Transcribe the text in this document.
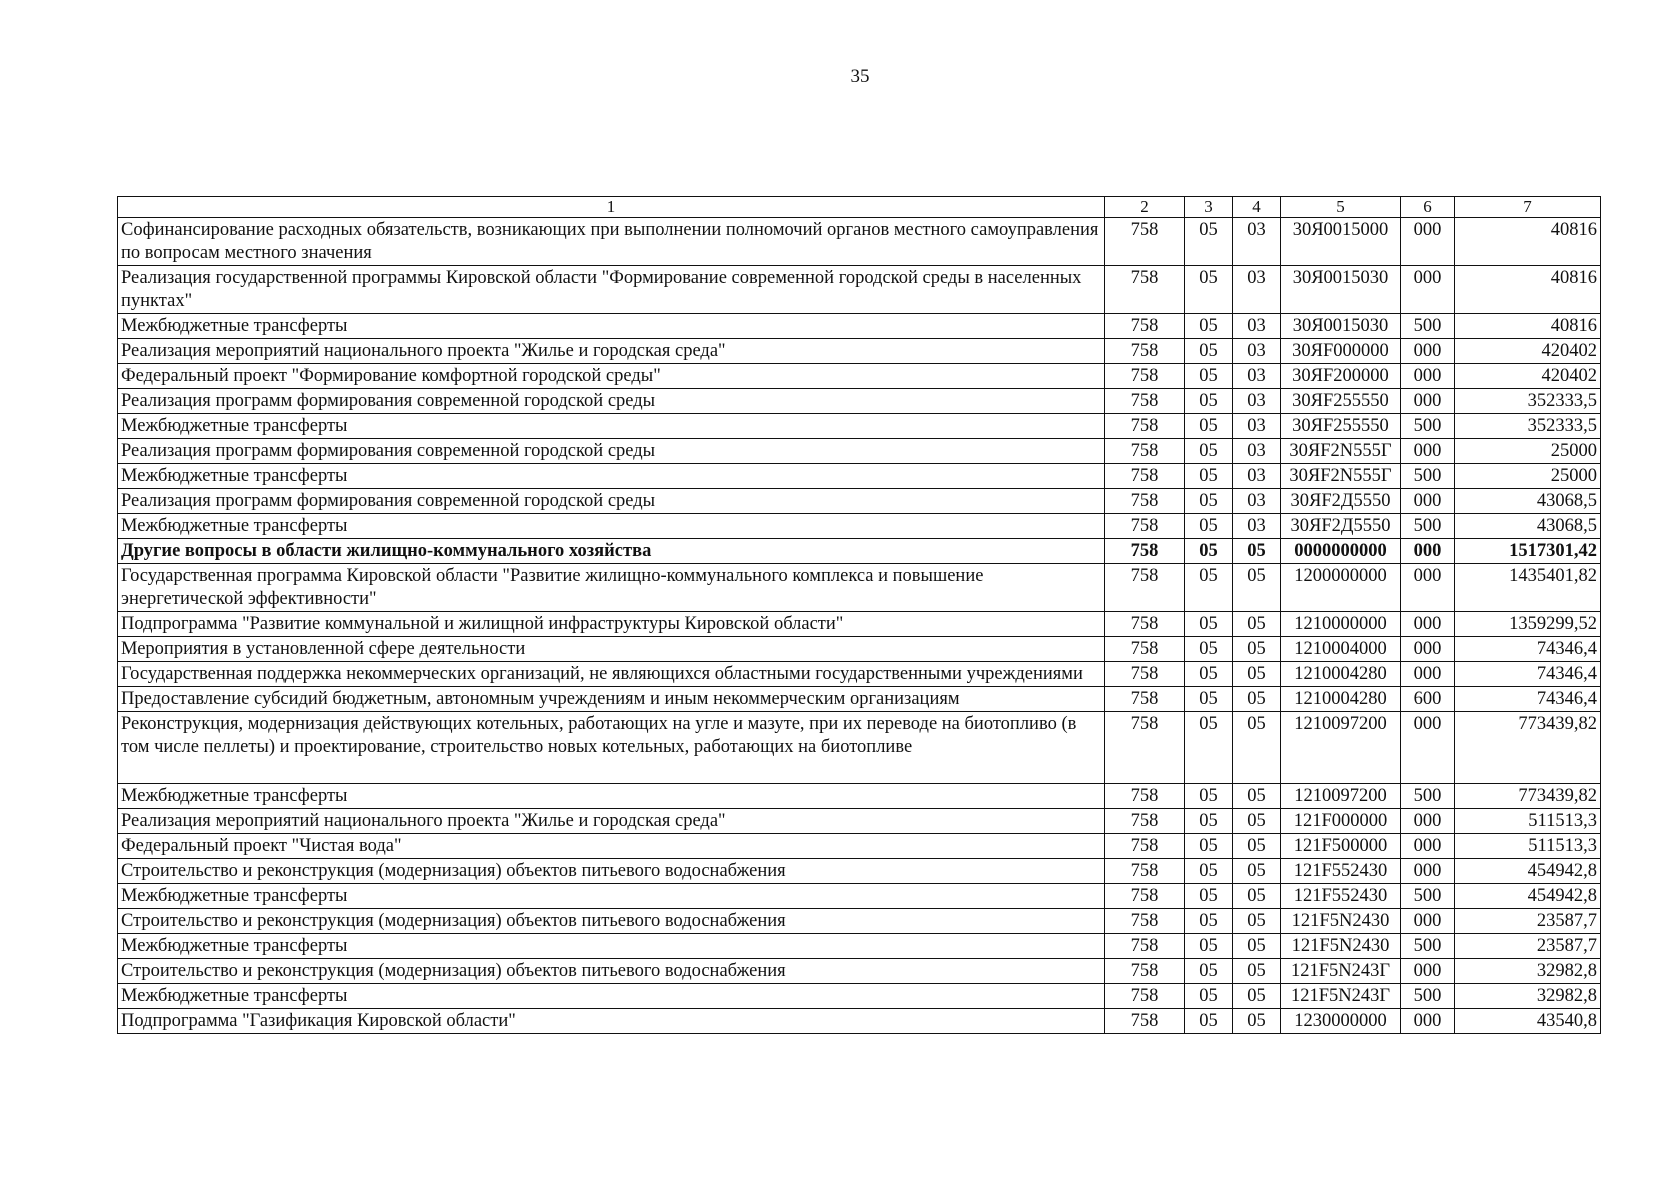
35
1	2	3	4	5	6	7
Софинансирование расходных обязательств, возникающих при выполнении полномочий органов местного самоуправления по вопросам местного значения	758	05	03	30Я0015000	000	40816
Реализация государственной программы Кировской области "Формирование современной городской среды в населенных пунктах"	758	05	03	30Я0015030	000	40816
Межбюджетные трансферты	758	05	03	30Я0015030	500	40816
Реализация мероприятий национального проекта "Жилье и городская среда"	758	05	03	30ЯF000000	000	420402
Федеральный проект "Формирование комфортной городской среды"	758	05	03	30ЯF200000	000	420402
Реализация программ формирования современной городской среды	758	05	03	30ЯF255550	000	352333,5
Межбюджетные трансферты	758	05	03	30ЯF255550	500	352333,5
Реализация программ формирования современной городской среды	758	05	03	30ЯF2N555Г	000	25000
Межбюджетные трансферты	758	05	03	30ЯF2N555Г	500	25000
Реализация программ формирования современной городской среды	758	05	03	30ЯF2Д5550	000	43068,5
Межбюджетные трансферты	758	05	03	30ЯF2Д5550	500	43068,5
Другие вопросы в области жилищно-коммунального хозяйства	758	05	05	0000000000	000	1517301,42
Государственная программа Кировской области "Развитие жилищно-коммунального комплекса и повышение энергетической эффективности"	758	05	05	1200000000	000	1435401,82
Подпрограмма "Развитие коммунальной и жилищной инфраструктуры Кировской области"	758	05	05	1210000000	000	1359299,52
Мероприятия в установленной сфере деятельности	758	05	05	1210004000	000	74346,4
Государственная поддержка некоммерческих организаций, не являющихся областными государственными учреждениями	758	05	05	1210004280	000	74346,4
Предоставление субсидий бюджетным, автономным учреждениям и иным некоммерческим организациям	758	05	05	1210004280	600	74346,4
Реконструкция, модернизация действующих котельных, работающих на угле и мазуте, при их переводе на биотопливо (в том числе пеллеты) и проектирование, строительство новых котельных, работающих на биотопливе	758	05	05	1210097200	000	773439,82
Межбюджетные трансферты	758	05	05	1210097200	500	773439,82
Реализация мероприятий национального проекта "Жилье и городская среда"	758	05	05	121F000000	000	511513,3
Федеральный проект "Чистая вода"	758	05	05	121F500000	000	511513,3
Строительство и реконструкция (модернизация) объектов питьевого водоснабжения	758	05	05	121F552430	000	454942,8
Межбюджетные трансферты	758	05	05	121F552430	500	454942,8
Строительство и реконструкция (модернизация) объектов питьевого водоснабжения	758	05	05	121F5N2430	000	23587,7
Межбюджетные трансферты	758	05	05	121F5N2430	500	23587,7
Строительство и реконструкция (модернизация) объектов питьевого водоснабжения	758	05	05	121F5N243Г	000	32982,8
Межбюджетные трансферты	758	05	05	121F5N243Г	500	32982,8
Подпрограмма "Газификация Кировской области"	758	05	05	1230000000	000	43540,8
